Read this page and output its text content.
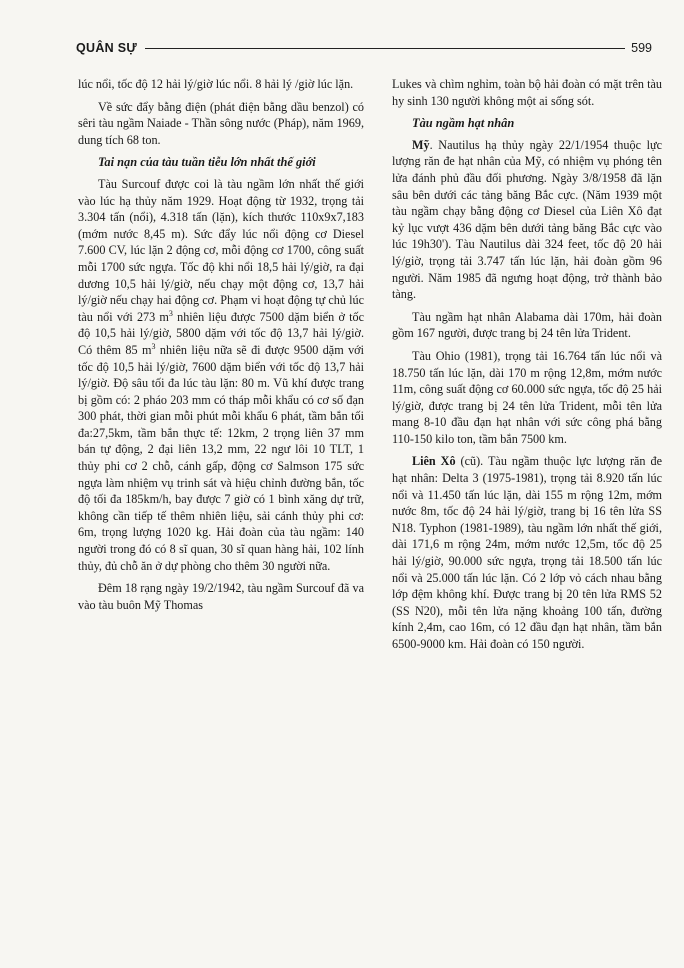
QUÂN SỰ	599

lúc nổi, tốc độ 12 hải lý/giờ lúc nổi. 8 hải lý /giờ lúc lặn.

Về sức đẩy bằng điện (phát điện bằng dầu benzol) có sêri tàu ngầm Naiade - Thần sông nước (Pháp), năm 1969, dung tích 68 ton.

Tai nạn của tàu tuần tiễu lớn nhất thế giới

Tàu Surcouf được coi là tàu ngầm lớn nhất thế giới vào lúc hạ thủy năm 1929. Hoạt động từ 1932, trọng tải 3.304 tấn (nổi), 4.318 tấn (lặn), kích thước 110x9x7,183 (mớm nước 8,45 m). Sức đẩy lúc nổi động cơ Diesel 7.600 CV, lúc lặn 2 động cơ, mỗi động cơ 1700, công suất mỗi 1700 sức ngựa. Tốc độ khi nổi 18,5 hải lý/giờ, ra đại dương 10,5 hải lý/giờ, nếu chạy một động cơ, 13,7 hải lý/giờ nếu chạy hai động cơ. Phạm vi hoạt động tự chủ lúc tàu nổi với 273 $m^3$ nhiên liệu được 7500 dặm biển ở tốc độ 10,5 hải lý/giờ, 5800 dặm với tốc độ 13,7 hải lý/giờ. Có thêm 85 $m^3$ nhiên liệu nữa sẽ đi được 9500 dặm với tốc độ 10,5 hải lý/giờ, 7600 dặm biển với tốc độ 13,7 hải lý/giờ. Độ sâu tối đa lúc tàu lặn: 80 m. Vũ khí được trang bị gồm có: 2 pháo 203 mm có tháp mỗi khẩu có cơ số đạn 300 phát, thời gian mỗi phút mỗi khẩu 6 phát, tầm bắn tối đa:27,5km, tầm bắn thực tế: 12km, 2 trọng liên 37 mm bán tự động, 2 đại liên 13,2 mm, 22 ngư lôi 10 TLT, 1 thủy phi cơ 2 chỗ, cánh gấp, động cơ Salmson 175 sức ngựa làm nhiệm vụ trinh sát và hiệu chỉnh đường bắn, tốc độ tối đa 185km/h, bay được 7 giờ có 1 bình xăng dự trữ, không cần tiếp tế thêm nhiên liệu, sải cánh thủy phi cơ: 6m, trọng lượng 1020 kg. Hải đoàn của tàu ngầm: 140 người trong đó có 8 sĩ quan, 30 sĩ quan hàng hải, 102 lính thủy, đủ chỗ ăn ở dự phòng cho thêm 30 người nữa.

Đêm 18 rạng ngày 19/2/1942, tàu ngầm Surcouf đã va vào tàu buôn Mỹ Thomas

Lukes và chìm nghỉm, toàn bộ hải đoàn có mặt trên tàu hy sinh 130 người không một ai sống sót.

Tàu ngầm hạt nhân

Mỹ. Nautilus hạ thủy ngày 22/1/1954 thuộc lực lượng răn đe hạt nhân của Mỹ, có nhiệm vụ phóng tên lửa đánh phủ đầu đối phương. Ngày 3/8/1958 đã lặn sâu bên dưới các tảng băng Bắc cực. (Năm 1939 một tàu ngầm chạy bằng động cơ Diesel của Liên Xô đạt kỷ lục vượt 436 dặm bên dưới tảng băng Bắc cực vào lúc 19h30'). Tàu Nautilus dài 324 feet, tốc độ 20 hải lý/giờ, trọng tải 3.747 tấn lúc lặn, hải đoàn gồm 96 người. Năm 1985 đã ngưng hoạt động, trở thành bảo tàng.

Tàu ngầm hạt nhân Alabama dài 170m, hải đoàn gồm 167 người, được trang bị 24 tên lửa Trident.

Tàu Ohio (1981), trọng tải 16.764 tấn lúc nổi và 18.750 tấn lúc lặn, dài 170 m rộng 12,8m, mớm nước 11m, công suất động cơ 60.000 sức ngựa, tốc độ 25 hải lý/giờ, được trang bị 24 tên lửa Trident, mỗi tên lửa mang 8-10 đầu đạn hạt nhân với sức công phá bằng 110-150 kilo ton, tầm bắn 7500 km.

Liên Xô (cũ). Tàu ngầm thuộc lực lượng răn đe hạt nhân: Delta 3 (1975-1981), trọng tải 8.920 tấn lúc nổi và 11.450 tấn lúc lặn, dài 155 m rộng 12m, mớm nước 8m, tốc độ 24 hải lý/giờ, trang bị 16 tên lửa SS N18. Typhon (1981-1989), tàu ngầm lớn nhất thế giới, dài 171,6 m rộng 24m, mớm nước 12,5m, tốc độ 25 hải lý/giờ, 90.000 sức ngựa, trọng tải 18.500 tấn lúc nổi và 25.000 tấn lúc lặn. Có 2 lớp vỏ cách nhau bằng lớp đệm không khí. Được trang bị 20 tên lửa RMS 52 (SS N20), mỗi tên lửa nặng khoảng 100 tấn, đường kính 2,4m, cao 16m, có 12 đầu đạn hạt nhân, tầm bắn 6500-9000 km. Hải đoàn có 150 người.
